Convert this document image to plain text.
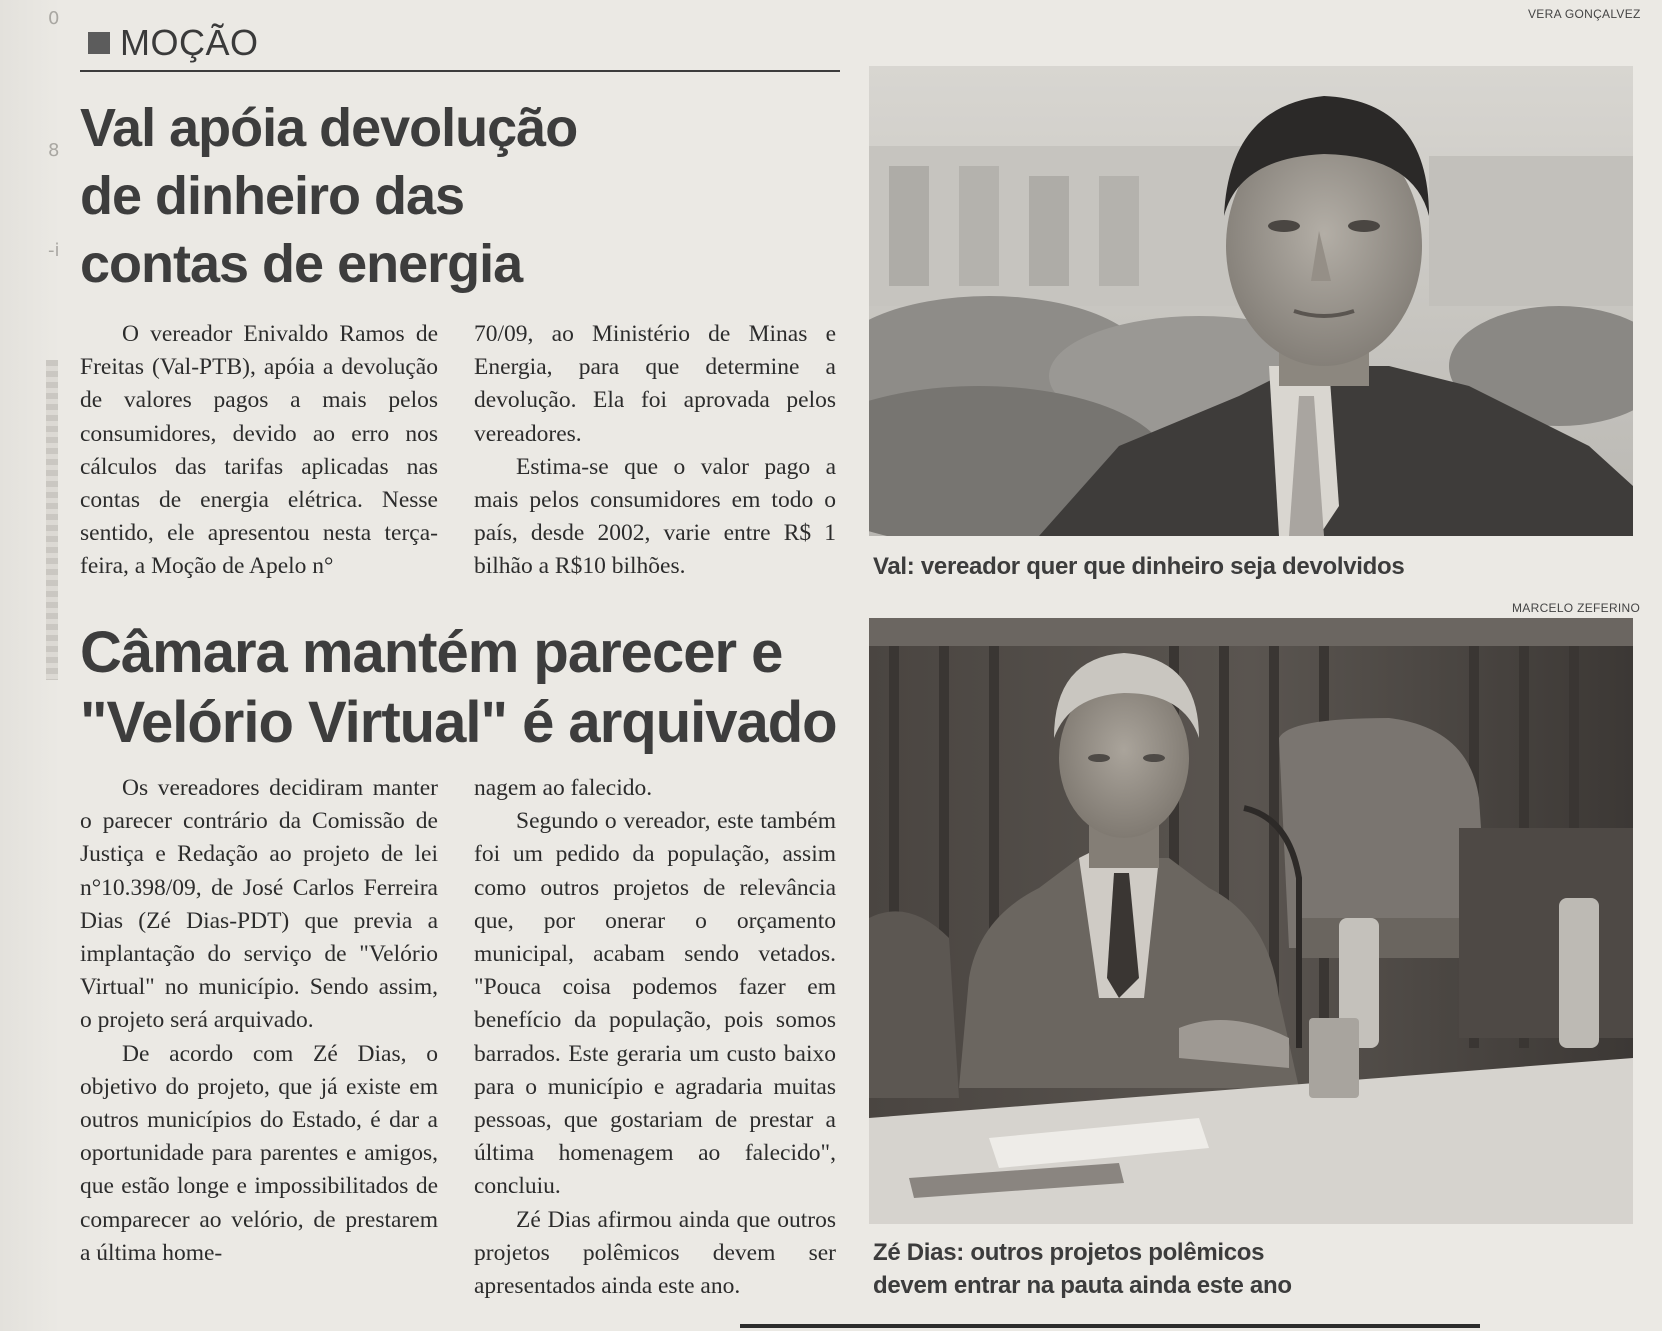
0
8
-i
MOÇÃO
Val apóia devolução
de dinheiro das
contas de energia

O vereador Enivaldo Ramos de Freitas (Val-PTB), apóia a devolução de valores pagos a mais pelos consumidores, devido ao erro nos cálculos das tarifas aplicadas nas contas de energia elétrica. Nesse sentido, ele apresentou nesta terça-feira, a Moção de Apelo n°

70/09, ao Ministério de Minas e Energia, para que determine a devolução. Ela foi aprovada pelos vereadores.

Estima-se que o valor pago a mais pelos consumidores em todo o país, desde 2002, varie entre R$ 1 bilhão a R$10 bilhões.

VERA GONÇALVEZ
Val: vereador quer que dinheiro seja devolvidos
Câmara mantém parecer e
"Velório Virtual" é arquivado

Os vereadores decidiram manter o parecer contrário da Comissão de Justiça e Redação ao projeto de lei n°10.398/09, de José Carlos Ferreira Dias (Zé Dias-PDT) que previa a implantação do serviço de "Velório Virtual" no município. Sendo assim, o projeto será arquivado.

De acordo com Zé Dias, o objetivo do projeto, que já existe em outros municípios do Estado, é dar a oportunidade para parentes e amigos, que estão longe e impossibilitados de comparecer ao velório, de prestarem a última home-

nagem ao falecido.

Segundo o vereador, este também foi um pedido da população, assim como outros projetos de relevância que, por onerar o orçamento municipal, acabam sendo vetados. "Pouca coisa podemos fazer em benefício da população, pois somos barrados. Este geraria um custo baixo para o município e agradaria muitas pessoas, que gostariam de prestar a última homenagem ao falecido", concluiu.

Zé Dias afirmou ainda que outros projetos polêmicos devem ser apresentados ainda este ano.

MARCELO ZEFERINO
Zé Dias: outros projetos polêmicos
devem entrar na pauta ainda este ano
